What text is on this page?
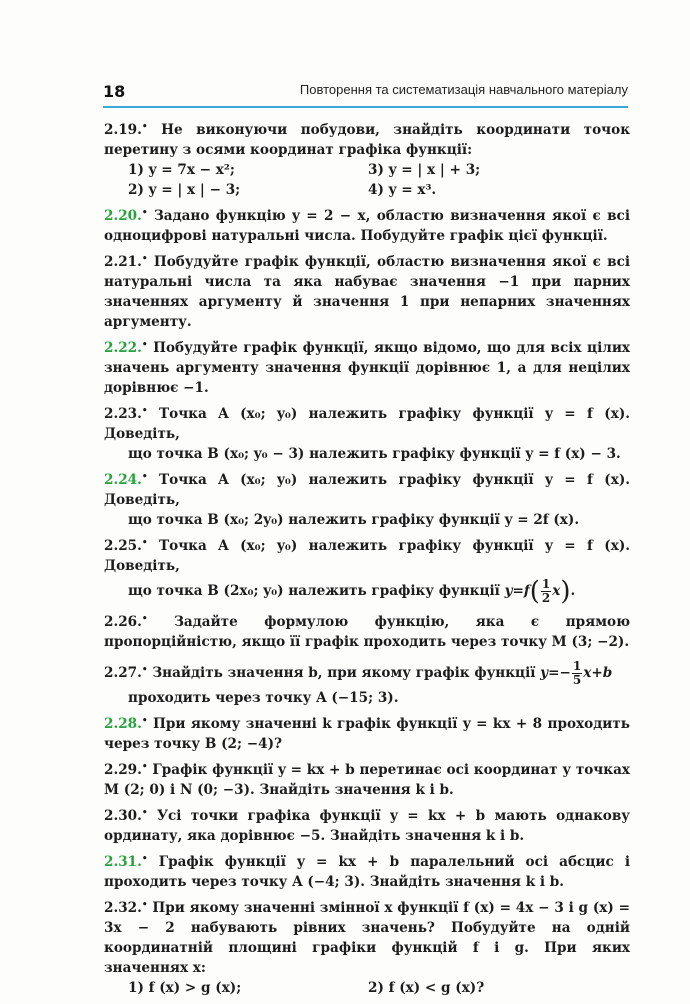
18	Повторення та систематизація навчального матеріалу
2.19.• Не виконуючи побудови, знайдіть координати точок перетину з осями координат графіка функції:
1) y = 7x − x²;	3) y = | x | + 3;
2) y = | x | − 3;	4) y = x³.
2.20.• Задано функцію y = 2 − x, областю визначення якої є всі одноцифрові натуральні числа. Побудуйте графік цієї функції.
2.21.• Побудуйте графік функції, областю визначення якої є всі натуральні числа та яка набуває значення −1 при парних значеннях аргументу й значення 1 при непарних значеннях аргументу.
2.22.• Побудуйте графік функції, якщо відомо, що для всіх цілих значень аргументу значення функції дорівнює 1, а для нецілих дорівнює −1.
2.23.• Точка A (x₀; y₀) належить графіку функції y = f (x). Доведіть,
що точка B (x₀; y₀ − 3) належить графіку функції y = f (x) − 3.
2.24.• Точка A (x₀; y₀) належить графіку функції y = f (x). Доведіть,
що точка B (x₀; 2y₀) належить графіку функції y = 2f (x).
2.25.• Точка A (x₀; y₀) належить графіку функції y = f (x). Доведіть,
що точка B (2x₀; y₀) належить графіку функції $y=f( \frac{1}{2} x)$.
2.26.• Задайте формулою функцію, яка є прямою пропорційністю, якщо її графік проходить через точку M (3; −2).
2.27.• Знайдіть значення b, при якому графік функції $y=- \frac{1}{5} x+b$
проходить через точку A (−15; 3).
2.28.• При якому значенні k графік функції y = kx + 8 проходить через точку B (2; −4)?
2.29.• Графік функції y = kx + b перетинає осі координат у точках M (2; 0) і N (0; −3). Знайдіть значення k і b.
2.30.• Усі точки графіка функції y = kx + b мають однакову ординату, яка дорівнює −5. Знайдіть значення k і b.
2.31.• Графік функції y = kx + b паралельний осі абсцис і проходить через точку A (−4; 3). Знайдіть значення k і b.
2.32.• При якому значенні змінної x функції f (x) = 4x − 3 і g (x) = 3x − 2 набувають рівних значень? Побудуйте на одній координатній площині графіки функцій f і g. При яких значеннях x:
1) f (x) > g (x);	2) f (x) < g (x)?
